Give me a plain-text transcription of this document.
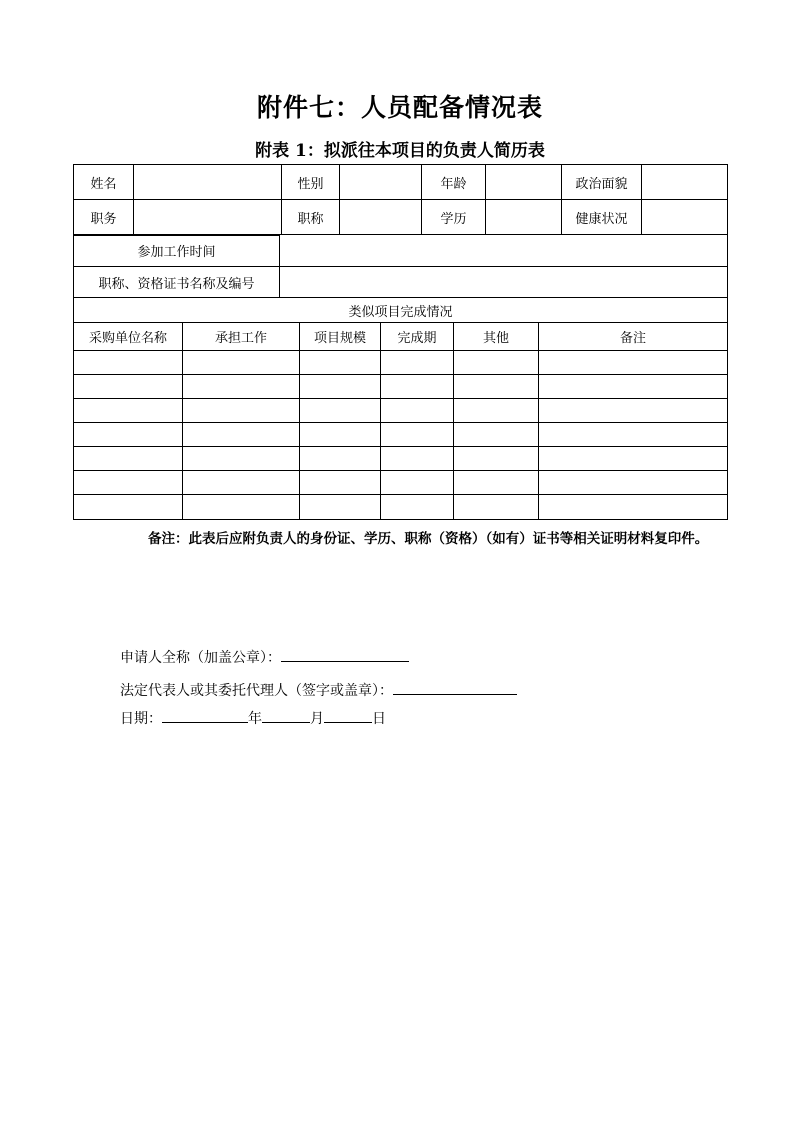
附件七：人员配备情况表
附表 1：拟派往本项目的负责人简历表
姓名		性别		年龄		政治面貌	
职务		职称		学历		健康状况	
参加工作时间	
职称、资格证书名称及编号	
类似项目完成情况					
采购单位名称	承担工作	项目规模	完成期	其他	备注

备注：此表后应附负责人的身份证、学历、职称（资格）（如有）证书等相关证明材料复印件。
申请人全称（加盖公章）：
法定代表人或其委托代理人（签字或盖章）：
日期：	年	月	日
